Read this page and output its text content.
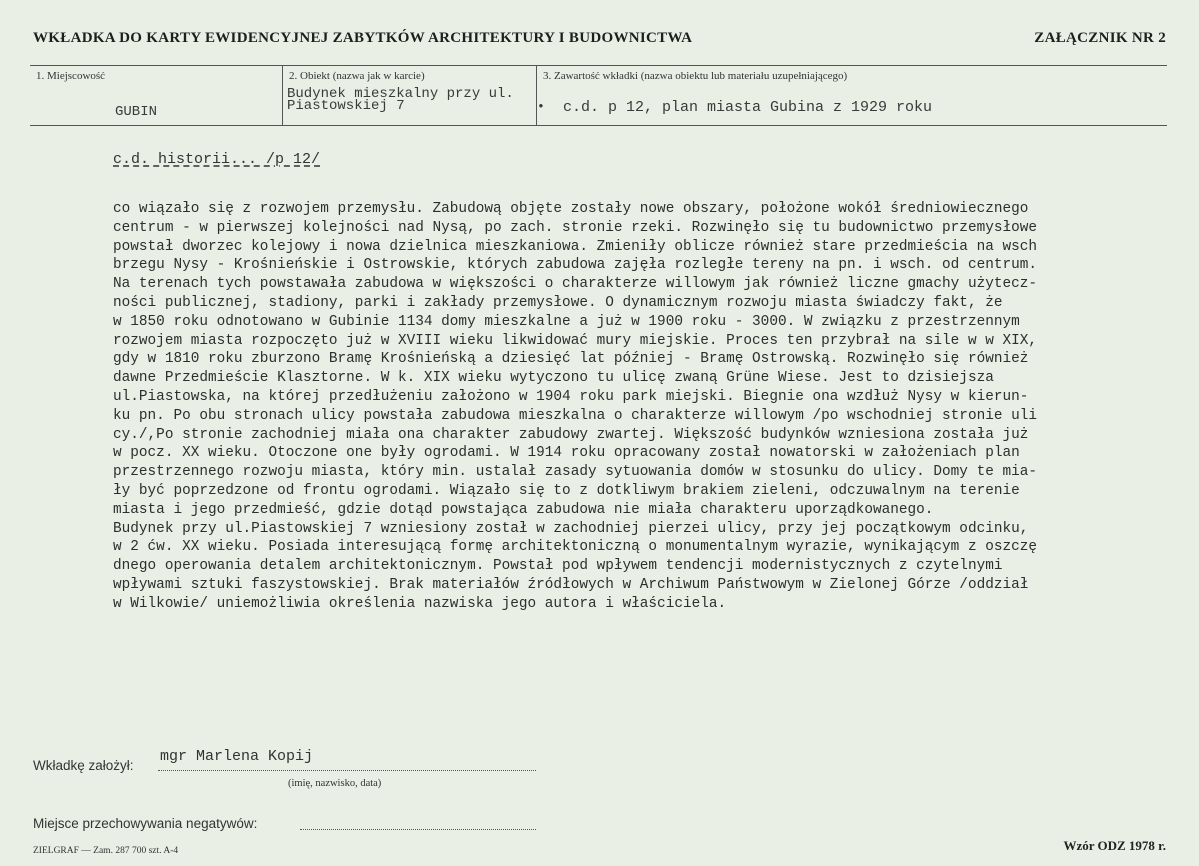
WKŁADKA DO KARTY EWIDENCYJNEJ ZABYTKÓW ARCHITEKTURY I BUDOWNICTWA	ZAŁĄCZNIK NR 2
1. Miejscowość
GUBIN
2. Obiekt (nazwa jak w karcie)
Budynek mieszkalny przy ul.
Piastowskiej 7
3. Zawartość wkładki (nazwa obiektu lub materiału uzupełniającego)
• c.d. p 12, plan miasta Gubina z 1929 roku
c.d. historii... /p 12/
co wiązało się z rozwojem przemysłu. Zabudową objęte zostały nowe obszary, położone wokół średniowiecznego
centrum - w pierwszej kolejności nad Nysą, po zach. stronie rzeki. Rozwinęło się tu budownictwo przemysłowe
powstał dworzec kolejowy i nowa dzielnica mieszkaniowa. Zmieniły oblicze również stare przedmieścia na wsch
brzegu Nysy - Krośnieńskie i Ostrowskie, których zabudowa zajęła rozległe tereny na pn. i wsch. od centrum.
Na terenach tych powstawała zabudowa w większości o charakterze willowym jak również liczne gmachy użytecz-
ności publicznej, stadiony, parki i zakłady przemysłowe. O dynamicznym rozwoju miasta świadczy fakt, że
w 1850 roku odnotowano w Gubinie 1134 domy mieszkalne a już w 1900 roku - 3000. W związku z przestrzennym
rozwojem miasta rozpoczęto już w XVIII wieku likwidować mury miejskie. Proces ten przybrał na sile w w XIX,
gdy w 1810 roku zburzono Bramę Krośnieńską a dziesięć lat później - Bramę Ostrowską. Rozwinęło się również
dawne Przedmieście Klasztorne. W k. XIX wieku wytyczono tu ulicę zwaną Grüne Wiese. Jest to dzisiejsza
ul.Piastowska, na której przedłużeniu założono w 1904 roku park miejski. Biegnie ona wzdłuż Nysy w kierun-
ku pn. Po obu stronach ulicy powstała zabudowa mieszkalna o charakterze willowym /po wschodniej stronie uli
cy./,Po stronie zachodniej miała ona charakter zabudowy zwartej. Większość budynków wzniesiona została już
w pocz. XX wieku. Otoczone one były ogrodami. W 1914 roku opracowany został nowatorski w założeniach plan
przestrzennego rozwoju miasta, który min. ustalał zasady sytuowania domów w stosunku do ulicy. Domy te mia-
ły być poprzedzone od frontu ogrodami. Wiązało się to z dotkliwym brakiem zieleni, odczuwalnym na terenie
miasta i jego przedmieść, gdzie dotąd powstająca zabudowa nie miała charakteru uporządkowanego.
Budynek przy ul.Piastowskiej 7 wzniesiony został w zachodniej pierzei ulicy, przy jej początkowym odcinku,
w 2 ćw. XX wieku. Posiada interesującą formę architektoniczną o monumentalnym wyrazie, wynikającym z oszczę
dnego operowania detalem architektonicznym. Powstał pod wpływem tendencji modernistycznych z czytelnymi
wpływami sztuki faszystowskiej. Brak materiałów źródłowych w Archiwum Państwowym w Zielonej Górze /oddział
w Wilkowie/ uniemożliwia określenia nazwiska jego autora i właściciela.
Wkładkę założył:
mgr Marlena Kopij
(imię, nazwisko, data)
Miejsce przechowywania negatywów:
ZIELGRAF — Zam. 287 700 szt. A-4	Wzór ODZ 1978 r.
